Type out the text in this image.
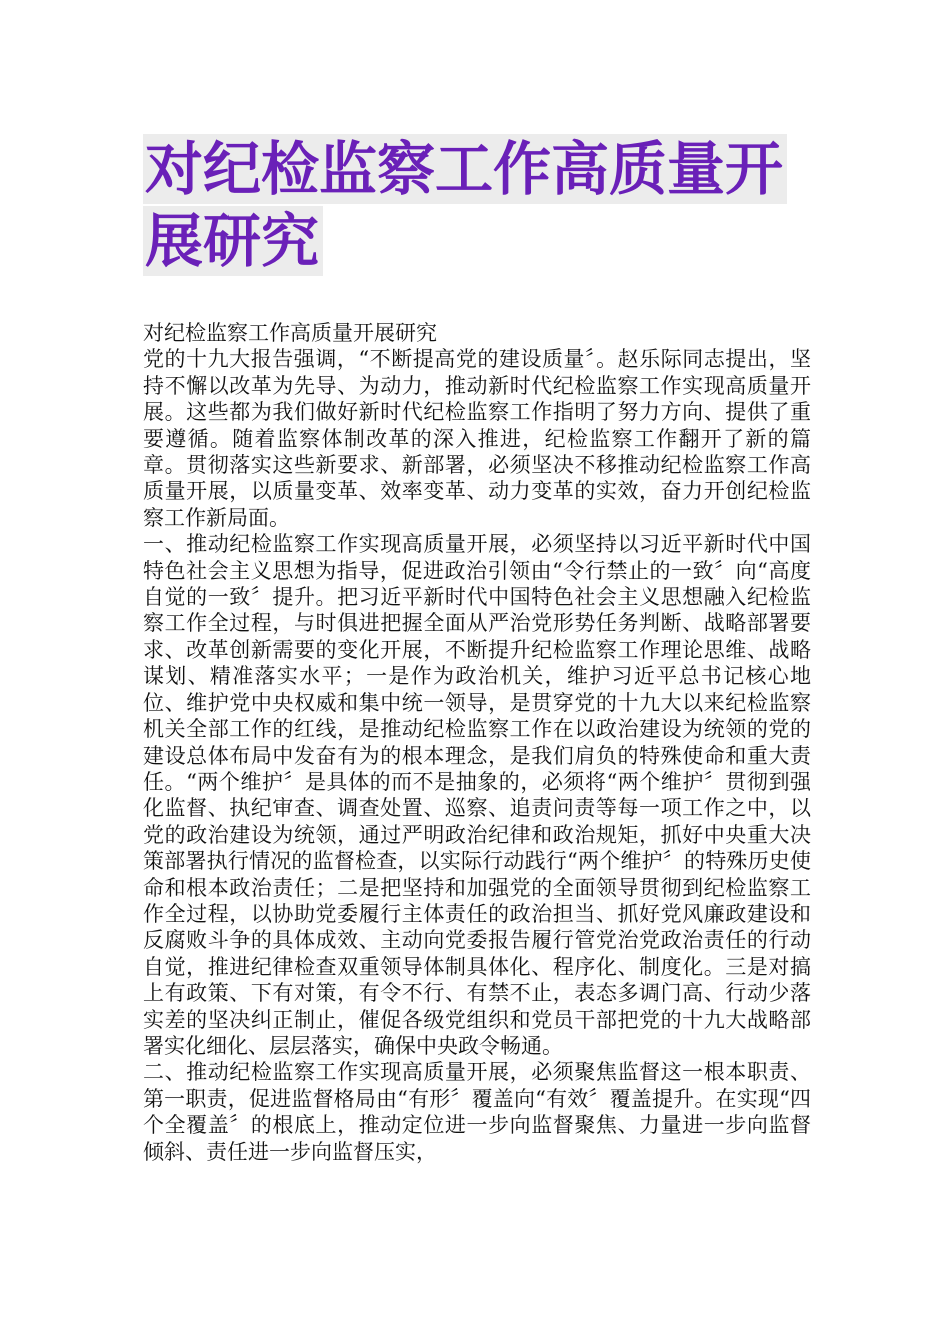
对纪检监察工作高质量开
展研究

对纪检监察工作高质量开展研究

党的十九大报告强调，“不断提高党的建设质量〞。赵乐际同志提出，坚持不懈以改革为先导、为动力，推动新时代纪检监察工作实现高质量开展。这些都为我们做好新时代纪检监察工作指明了努力方向、提供了重要遵循。随着监察体制改革的深入推进，纪检监察工作翻开了新的篇章。贯彻落实这些新要求、新部署，必须坚决不移推动纪检监察工作高质量开展，以质量变革、效率变革、动力变革的实效，奋力开创纪检监察工作新局面。

一、推动纪检监察工作实现高质量开展，必须坚持以习近平新时代中国特色社会主义思想为指导，促进政治引领由“令行禁止的一致〞向“高度自觉的一致〞提升。把习近平新时代中国特色社会主义思想融入纪检监察工作全过程，与时俱进把握全面从严治党形势任务判断、战略部署要求、改革创新需要的变化开展，不断提升纪检监察工作理论思维、战略谋划、精准落实水平；一是作为政治机关，维护习近平总书记核心地位、维护党中央权威和集中统一领导，是贯穿党的十九大以来纪检监察机关全部工作的红线，是推动纪检监察工作在以政治建设为统领的党的建设总体布局中发奋有为的根本理念，是我们肩负的特殊使命和重大责任。“两个维护〞是具体的而不是抽象的，必须将“两个维护〞贯彻到强化监督、执纪审查、调查处置、巡察、追责问责等每一项工作之中，以党的政治建设为统领，通过严明政治纪律和政治规矩，抓好中央重大决策部署执行情况的监督检查，以实际行动践行“两个维护〞的特殊历史使命和根本政治责任；二是把坚持和加强党的全面领导贯彻到纪检监察工作全过程，以协助党委履行主体责任的政治担当、抓好党风廉政建设和反腐败斗争的具体成效、主动向党委报告履行管党治党政治责任的行动自觉，推进纪律检查双重领导体制具体化、程序化、制度化。三是对搞上有政策、下有对策，有令不行、有禁不止，表态多调门高、行动少落实差的坚决纠正制止，催促各级党组织和党员干部把党的十九大战略部署实化细化、层层落实，确保中央政令畅通。

二、推动纪检监察工作实现高质量开展，必须聚焦监督这一根本职责、第一职责，促进监督格局由“有形〞覆盖向“有效〞覆盖提升。在实现“四个全覆盖〞的根底上，推动定位进一步向监督聚焦、力量进一步向监督倾斜、责任进一步向监督压实，
